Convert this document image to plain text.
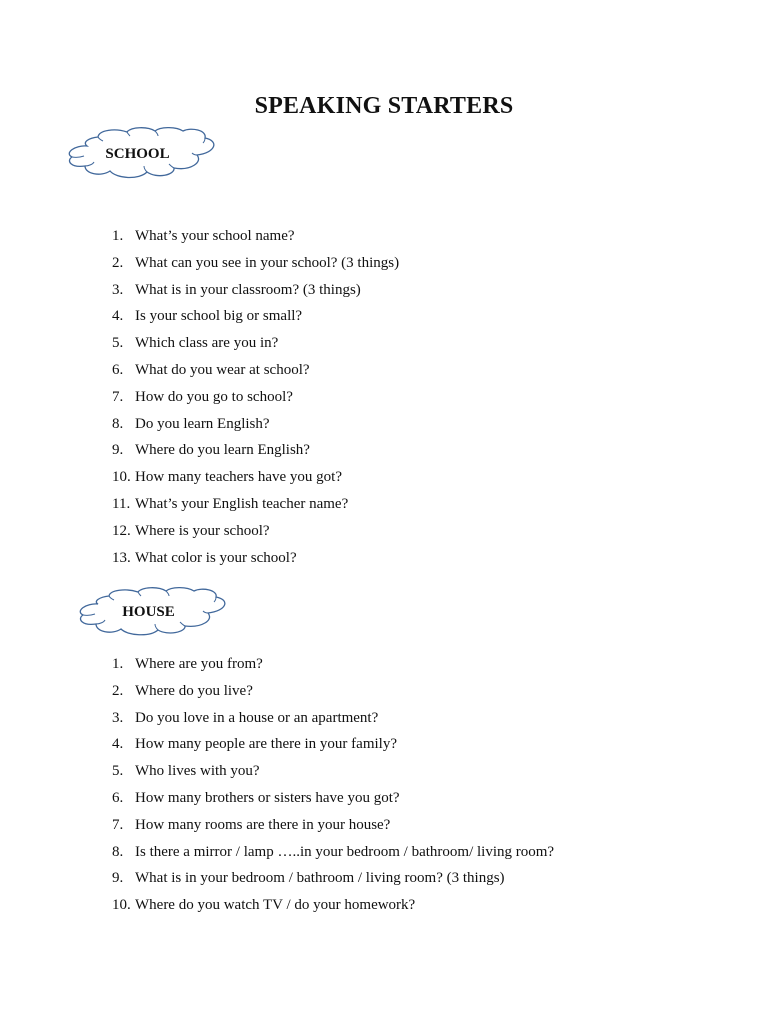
SPEAKING STARTERS
SCHOOL
1. What’s your school name?
2. What can you see in your school? (3 things)
3. What is in your classroom? (3 things)
4. Is your school big or small?
5. Which class are you in?
6. What do you wear at school?
7. How do you go to school?
8. Do you learn English?
9. Where do you learn English?
10. How many teachers have you got?
11. What’s your English teacher name?
12. Where is your school?
13. What color is your school?
HOUSE
1. Where are you from?
2. Where do you live?
3. Do you love in a house or an apartment?
4. How many people are there in your family?
5. Who lives with you?
6. How many brothers or sisters have you got?
7. How many rooms are there in your house?
8. Is there a mirror / lamp …..in your bedroom / bathroom/ living room?
9. What is in your bedroom / bathroom / living room? (3 things)
10. Where do you watch TV / do your homework?
